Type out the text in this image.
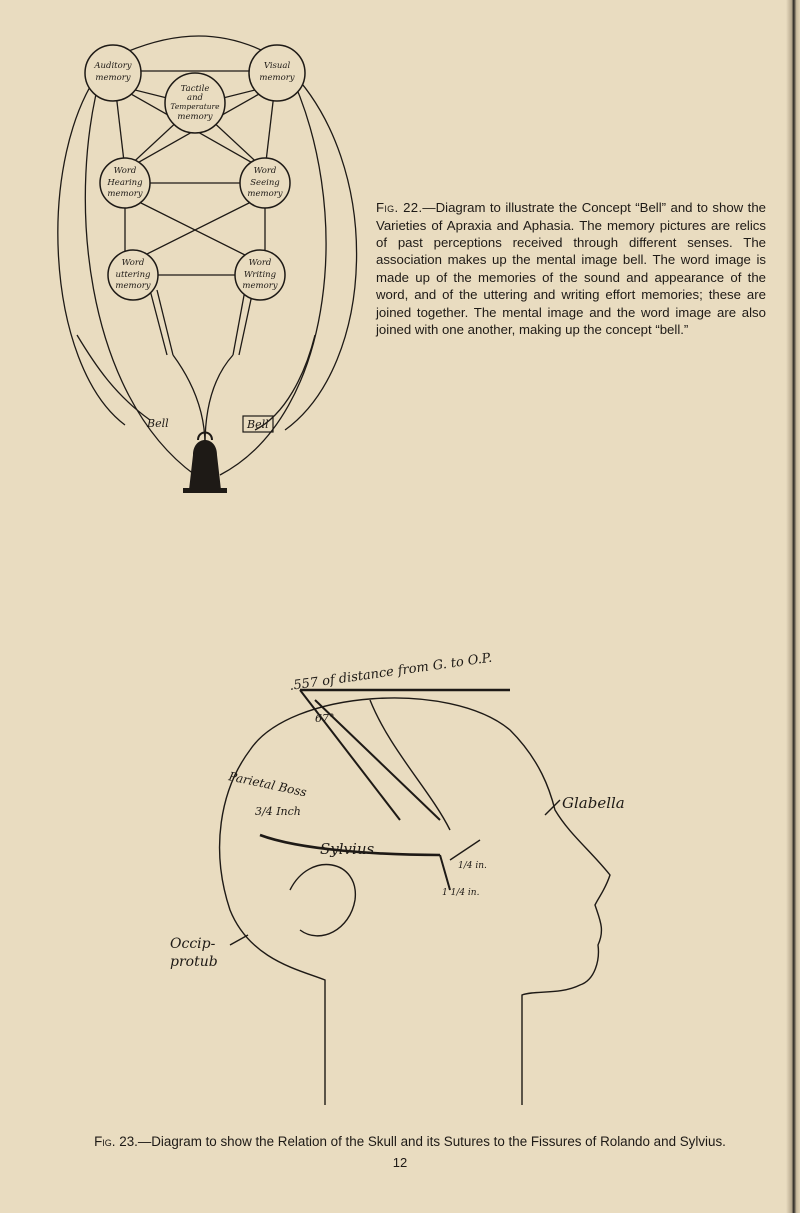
Auditory
memory
Visual
memory
Tactile
and
Temperature
memory
Word
Hearing
memory
Word
Seeing
memory
Word
uttering
memory
Word
Writing
memory
Bell	Bell

Fig. 22.—Diagram to illustrate the Concept “Bell” and to show the Varieties of Apraxia and Aphasia. The memory pictures are relics of past perceptions received through different senses. The association makes up the mental image bell. The word image is made up of the memories of the sound and appearance of the word, and of the uttering and writing effort memories; these are joined together. The mental image and the word image are also joined with one another, making up the concept “bell.”

.557 of distance from G. to O.P.
67°
Parietal Boss
3/4 Inch
Sylvius
1/4 in.
1 1/4 in.
Glabella
Occip-
protub

Fig. 23.—Diagram to show the Relation of the Skull and its Sutures to the Fissures of Rolando and Sylvius.

12
